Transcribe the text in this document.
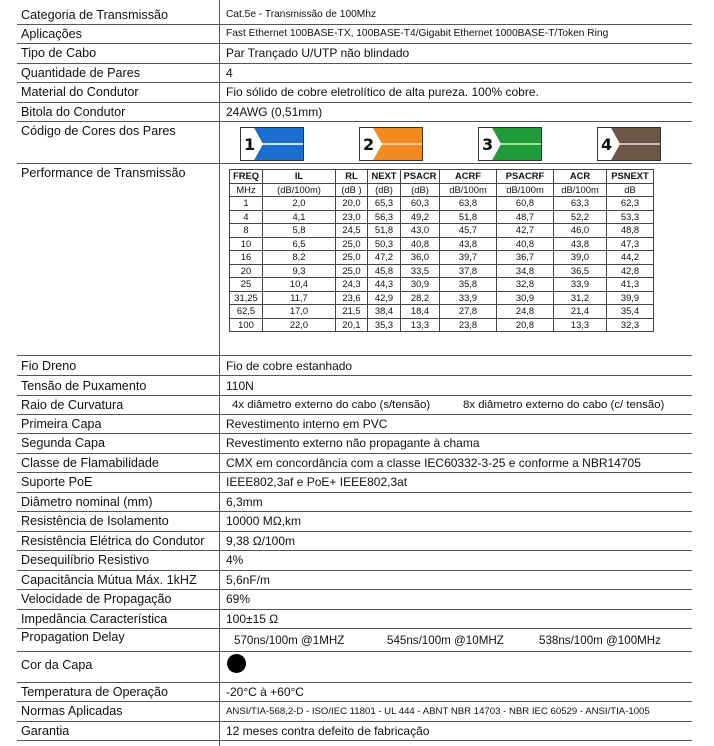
Categoria de Transmissão	Cat.5e - Transmissão de 100Mhz
Aplicações	Fast Ethernet 100BASE-TX, 100BASE-T4/Gigabit Ethernet 1000BASE-T/Token Ring
Tipo de Cabo	Par Trançado U/UTP não blindado
Quantidade de Pares	4
Material do Condutor	Fio sólido de cobre eletrolítico de alta pureza. 100% cobre.
Bitola do Condutor	24AWG (0,51mm)
Código de Cores dos Pares
1	2	3	4
Performance de Transmissão	FREQ	IL	RL	NEXT	PSACR	ACRF	PSACRF	ACR	PSNEXT
MHz	(dB/100m)	(dB )	(dB)	(dB)	dB/100m	dB/100m	dB/100m	dB
1	2,0	20,0	65,3	60,3	63,8	60,8	63,3	62,3
4	4,1	23,0	56,3	49,2	51,8	48,7	52,2	53,3
8	5,8	24,5	51,8	43,0	45,7	42,7	46,0	48,8
10	6,5	25,0	50,3	40,8	43,8	40,8	43,8	47,3
16	8,2	25,0	47,2	36,0	39,7	36,7	39,0	44,2
20	9,3	25,0	45,8	33,5	37,8	34,8	36,5	42,8
25	10,4	24,3	44,3	30,9	35,8	32,8	33,9	41,3
31,25	11,7	23,6	42,9	28,2	33,9	30,9	31,2	39,9
62,5	17,0	21,5	38,4	18,4	27,8	24,8	21,4	35,4
100	22,0	20,1	35,3	13,3	23,8	20,8	13,3	32,3
Fio Dreno	Fio de cobre estanhado
Tensão de Puxamento	110N
Raio de Curvatura	4x diâmetro externo do cabo (s/tensão)	8x diâmetro externo do cabo (c/ tensão)
Primeira Capa	Revestimento interno em PVC
Segunda Capa	Revestimento externo não propagante à chama
Classe de Flamabilidade	CMX em concordância com a classe IEC60332-3-25 e conforme a NBR14705
Suporte PoE	IEEE802,3af e PoE+ IEEE802,3at
Diâmetro nominal (mm)	6,3mm
Resistência de Isolamento	10000 MΩ,km
Resistência Elétrica do Condutor 9,38 Ω/100m
Desequilíbrio Resistivo	4%
Capacitância Mútua Máx. 1kHZ 5,6nF/m
Velocidade de Propagação	69%
Impedância Característica	100±15 Ω
Propagation Delay	570ns/100m @1MHZ	545ns/100m @10MHZ	538ns/100m @100MHz
Cor da Capa
Temperatura de Operação	-20°C à +60°C
Normas Aplicadas	ANSI/TIA-568,2-D - ISO/IEC 11801 - UL 444 - ABNT NBR 14703 - NBR IEC 60529 - ANSI/TIA-1005
Garantia	12 meses contra defeito de fabricação
